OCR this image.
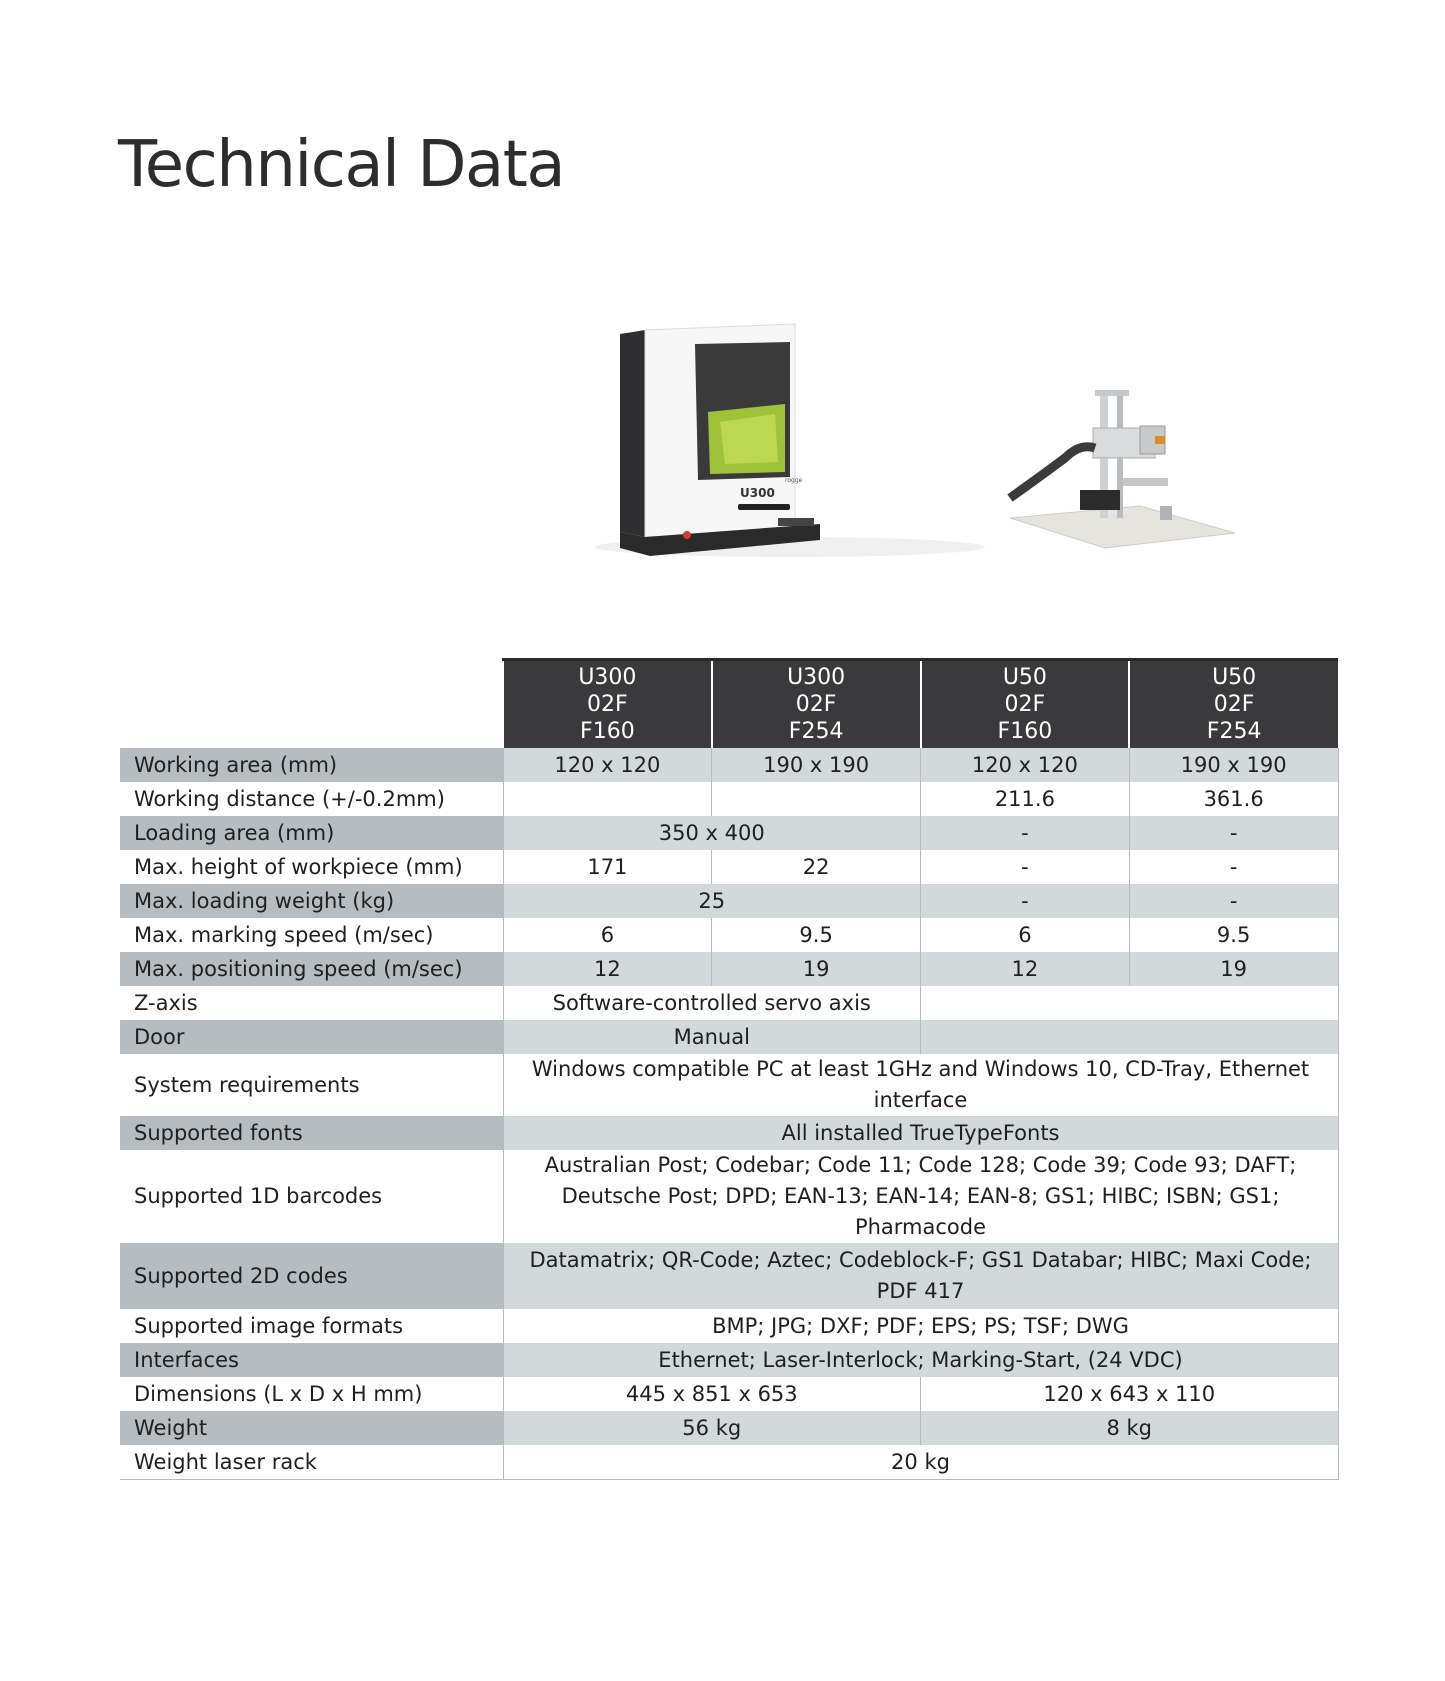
Technical Data
U300
rogge
	U300
02F
F160	U300
02F
F254	U50
02F
F160	U50
02F
F254
Working area (mm)	120 x 120	190 x 190	120 x 120	190 x 190
Working distance (+/-0.2mm)			211.6	361.6
Loading area (mm)	350 x 400		-	-
Max. height of workpiece (mm)	171	22	-	-
Max. loading weight (kg)	25		-	-
Max. marking speed (m/sec)	6	9.5	6	9.5
Max. positioning speed (m/sec)	12	19	12	19
Z-axis	Software-controlled servo axis			
Door	Manual			
System requirements	Windows compatible PC at least 1GHz and Windows 10, CD-Tray, Ethernet interface			
Supported fonts	All installed TrueTypeFonts			
Supported 1D barcodes	Australian Post; Codebar; Code 11; Code 128; Code 39; Code 93; DAFT; Deutsche Post; DPD; EAN-13; EAN-14; EAN-8; GS1; HIBC; ISBN; GS1; Pharmacode			
Supported 2D codes	Datamatrix; QR-Code; Aztec; Codeblock-F; GS1 Databar; HIBC; Maxi Code; PDF 417			
Supported image formats	BMP; JPG; DXF; PDF; EPS; PS; TSF; DWG			
Interfaces	Ethernet; Laser-Interlock; Marking-Start, (24 VDC)			
Dimensions (L x D x H mm)	445 x 851 x 653		120 x 643 x 110	
Weight	56 kg		8 kg	
Weight laser rack	20 kg			
